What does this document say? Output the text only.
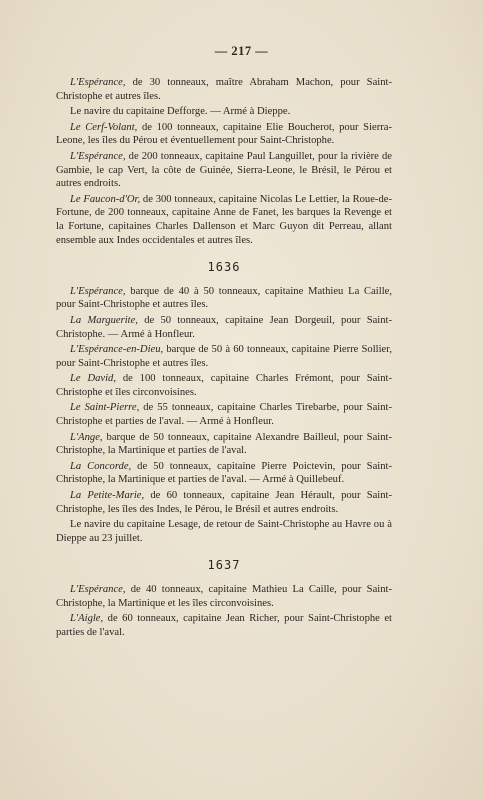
— 217 —

L'Espérance, de 30 tonneaux, maître Abraham Machon, pour Saint-Christophe et autres îles.

Le navire du capitaine Defforge. — Armé à Dieppe.

Le Cerf-Volant, de 100 tonneaux, capitaine Elie Boucherot, pour Sierra-Leone, les îles du Pérou et éventuellement pour Saint-Christophe.

L'Espérance, de 200 tonneaux, capitaine Paul Languillet, pour la rivière de Gambie, le cap Vert, la côte de Guinée, Sierra-Leone, le Brésil, le Pérou et autres endroits.

Le Faucon-d'Or, de 300 tonneaux, capitaine Nicolas Le Lettier, la Roue-de-Fortune, de 200 tonneaux, capitaine Anne de Fanet, les barques la Revenge et la Fortune, capitaines Charles Dallenson et Marc Guyon dit Perreau, allant ensemble aux Indes occidentales et autres îles.

1636

L'Espérance, barque de 40 à 50 tonneaux, capitaine Mathieu La Caille, pour Saint-Christophe et autres îles.

La Marguerite, de 50 tonneaux, capitaine Jean Dorgeuil, pour Saint-Christophe. — Armé à Honfleur.

L'Espérance-en-Dieu, barque de 50 à 60 tonneaux, capitaine Pierre Sollier, pour Saint-Christophe et autres îles.

Le David, de 100 tonneaux, capitaine Charles Frémont, pour Saint-Christophe et îles circonvoisines.

Le Saint-Pierre, de 55 tonneaux, capitaine Charles Tirebarbe, pour Saint-Christophe et parties de l'aval. — Armé à Honfleur.

L'Ange, barque de 50 tonneaux, capitaine Alexandre Bailleul, pour Saint-Christophe, la Martinique et parties de l'aval.

La Concorde, de 50 tonneaux, capitaine Pierre Poictevin, pour Saint-Christophe, la Martinique et parties de l'aval. — Armé à Quillebeuf.

La Petite-Marie, de 60 tonneaux, capitaine Jean Hérault, pour Saint-Christophe, les îles des Indes, le Pérou, le Brésil et autres endroits.

Le navire du capitaine Lesage, de retour de Saint-Christophe au Havre ou à Dieppe au 23 juillet.

1637

L'Espérance, de 40 tonneaux, capitaine Mathieu La Caille, pour Saint-Christophe, la Martinique et les îles circonvoisines.

L'Aigle, de 60 tonneaux, capitaine Jean Richer, pour Saint-Christophe et parties de l'aval.
